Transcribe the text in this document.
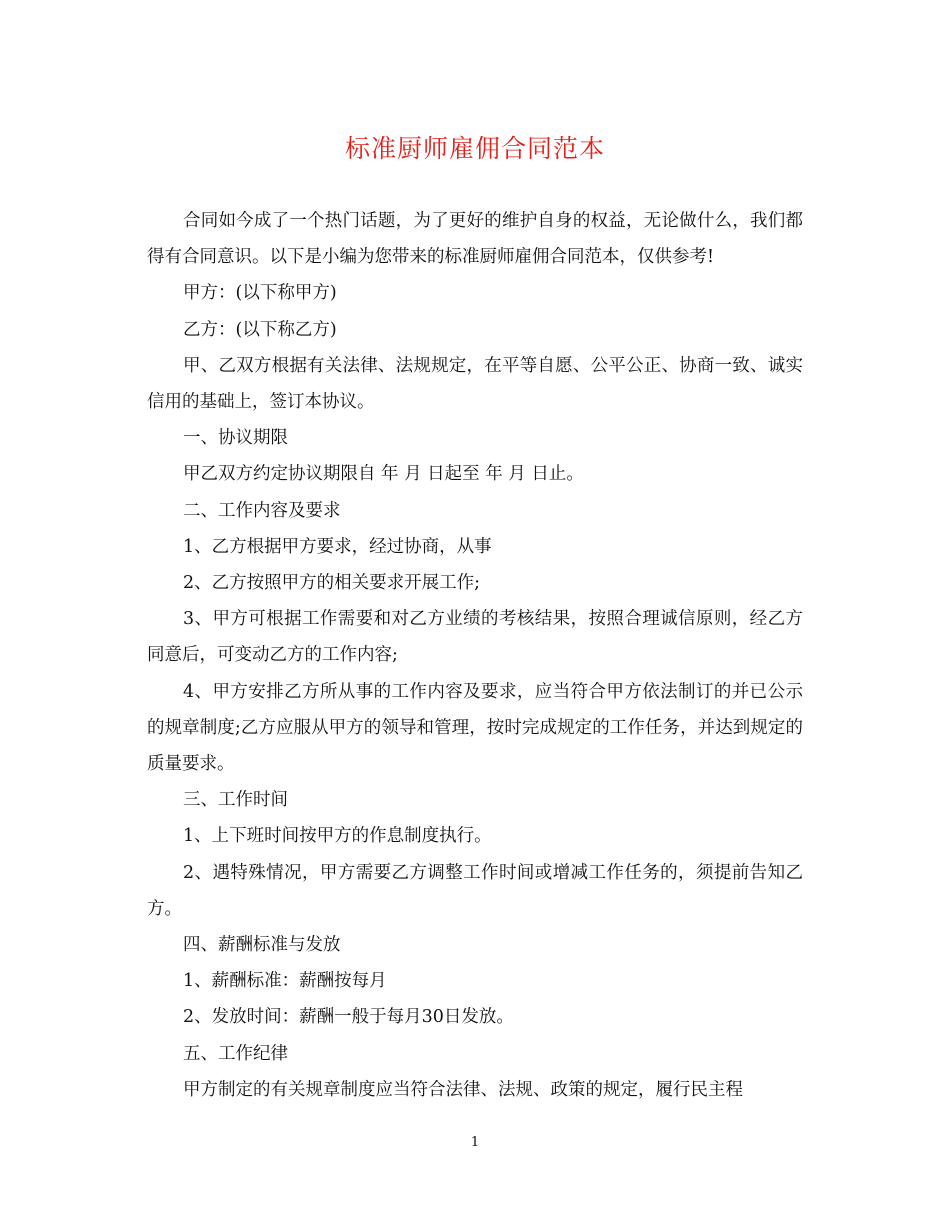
标准厨师雇佣合同范本

合同如今成了一个热门话题，为了更好的维护自身的权益，无论做什么，我们都得有合同意识。以下是小编为您带来的标准厨师雇佣合同范本，仅供参考!

甲方：(以下称甲方)

乙方：(以下称乙方)

甲、乙双方根据有关法律、法规规定，在平等自愿、公平公正、协商一致、诚实信用的基础上，签订本协议。

一、协议期限

甲乙双方约定协议期限自 年 月 日起至 年 月 日止。

二、工作内容及要求

1、乙方根据甲方要求，经过协商，从事

2、乙方按照甲方的相关要求开展工作;

3、甲方可根据工作需要和对乙方业绩的考核结果，按照合理诚信原则，经乙方同意后，可变动乙方的工作内容;

4、甲方安排乙方所从事的工作内容及要求，应当符合甲方依法制订的并已公示的规章制度;乙方应服从甲方的领导和管理，按时完成规定的工作任务，并达到规定的质量要求。

三、工作时间

1、上下班时间按甲方的作息制度执行。

2、遇特殊情况，甲方需要乙方调整工作时间或增减工作任务的，须提前告知乙方。

四、薪酬标准与发放

1、薪酬标准：薪酬按每月

2、发放时间：薪酬一般于每月30日发放。

五、工作纪律

甲方制定的有关规章制度应当符合法律、法规、政策的规定，履行民主程

1
